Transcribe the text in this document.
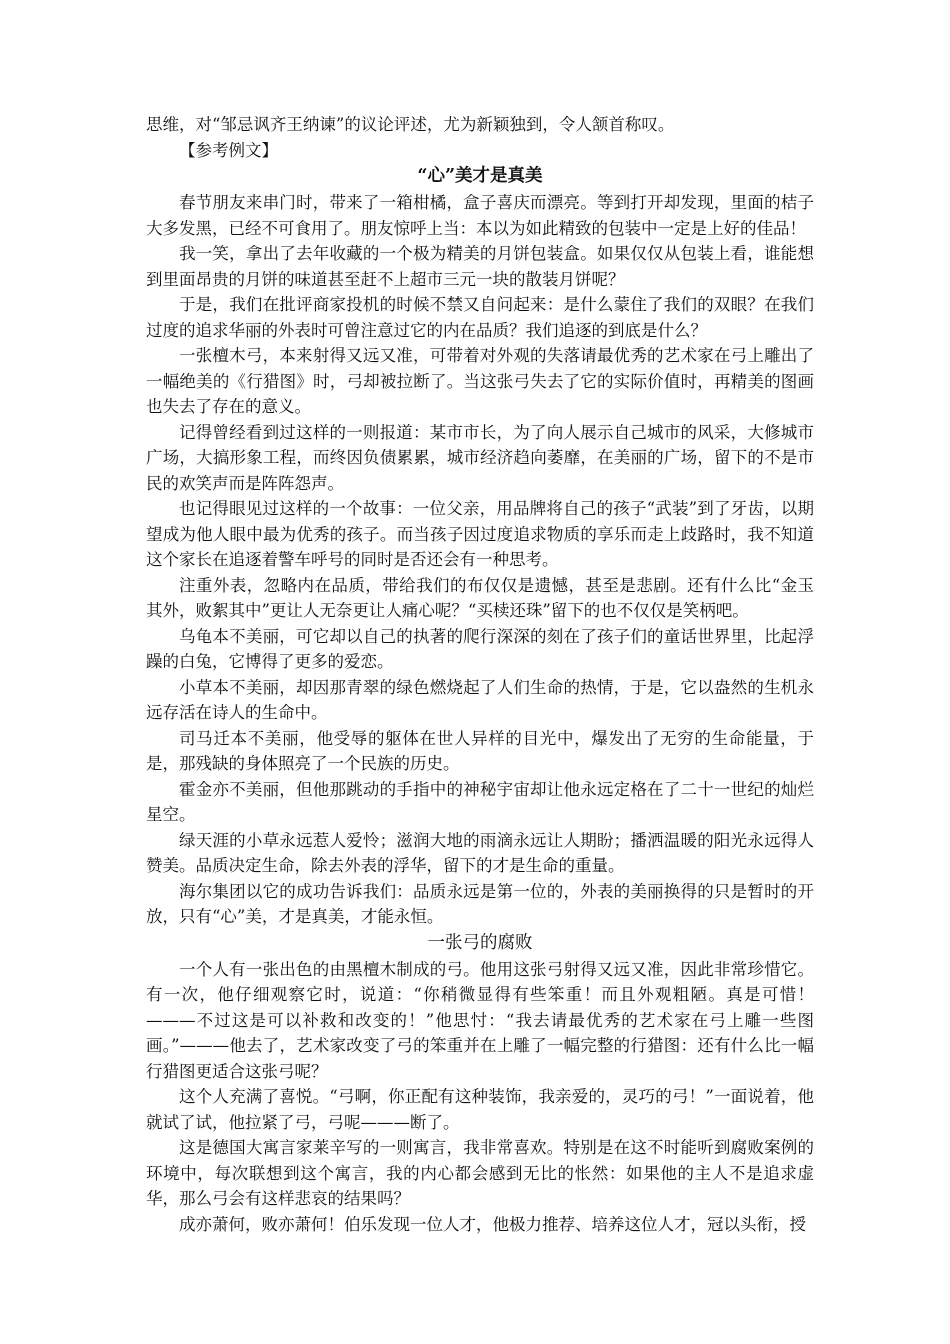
思维，对“邹忌讽齐王纳谏”的议论评述，尤为新颖独到，令人颔首称叹。

【参考例文】

“心”美才是真美

春节朋友来串门时，带来了一箱柑橘，盒子喜庆而漂亮。等到打开却发现，里面的桔子大多发黑，已经不可食用了。朋友惊呼上当：本以为如此精致的包装中一定是上好的佳品！

我一笑，拿出了去年收藏的一个极为精美的月饼包装盒。如果仅仅从包装上看，谁能想到里面昂贵的月饼的味道甚至赶不上超市三元一块的散装月饼呢？

于是，我们在批评商家投机的时候不禁又自问起来：是什么蒙住了我们的双眼？在我们过度的追求华丽的外表时可曾注意过它的内在品质？我们追逐的到底是什么？

一张檀木弓，本来射得又远又准，可带着对外观的失落请最优秀的艺术家在弓上雕出了一幅绝美的《行猎图》时，弓却被拉断了。当这张弓失去了它的实际价值时，再精美的图画也失去了存在的意义。

记得曾经看到过这样的一则报道：某市市长，为了向人展示自己城市的风采，大修城市广场，大搞形象工程，而终因负债累累，城市经济趋向萎靡，在美丽的广场，留下的不是市民的欢笑声而是阵阵怨声。

也记得眼见过这样的一个故事：一位父亲，用品牌将自己的孩子“武装”到了牙齿，以期望成为他人眼中最为优秀的孩子。而当孩子因过度追求物质的享乐而走上歧路时，我不知道这个家长在追逐着警车呼号的同时是否还会有一种思考。

注重外表，忽略内在品质，带给我们的布仅仅是遗憾，甚至是悲剧。还有什么比“金玉其外，败絮其中”更让人无奈更让人痛心呢？“买椟还珠”留下的也不仅仅是笑柄吧。

乌龟本不美丽，可它却以自己的执著的爬行深深的刻在了孩子们的童话世界里，比起浮躁的白兔，它博得了更多的爱恋。

小草本不美丽，却因那青翠的绿色燃烧起了人们生命的热情，于是，它以盎然的生机永远存活在诗人的生命中。

司马迁本不美丽，他受辱的躯体在世人异样的目光中，爆发出了无穷的生命能量，于是，那残缺的身体照亮了一个民族的历史。

霍金亦不美丽，但他那跳动的手指中的神秘宇宙却让他永远定格在了二十一世纪的灿烂星空。

绿天涯的小草永远惹人爱怜；滋润大地的雨滴永远让人期盼；播洒温暖的阳光永远得人赞美。品质决定生命，除去外表的浮华，留下的才是生命的重量。

海尔集团以它的成功告诉我们：品质永远是第一位的，外表的美丽换得的只是暂时的开放，只有“心”美，才是真美，才能永恒。

一张弓的腐败

一个人有一张出色的由黑檀木制成的弓。他用这张弓射得又远又准，因此非常珍惜它。有一次，他仔细观察它时，说道：“你稍微显得有些笨重！而且外观粗陋。真是可惜！———不过这是可以补救和改变的！”他思忖：“我去请最优秀的艺术家在弓上雕一些图画。”———他去了，艺术家改变了弓的笨重并在上雕了一幅完整的行猎图：还有什么比一幅行猎图更适合这张弓呢？

这个人充满了喜悦。“弓啊，你正配有这种装饰，我亲爱的，灵巧的弓！”一面说着，他就试了试，他拉紧了弓，弓呢———断了。

这是德国大寓言家莱辛写的一则寓言，我非常喜欢。特别是在这不时能听到腐败案例的环境中，每次联想到这个寓言，我的内心都会感到无比的怅然：如果他的主人不是追求虚华，那么弓会有这样悲哀的结果吗？

成亦萧何，败亦萧何！伯乐发现一位人才，他极力推荐、培养这位人才，冠以头衔，授
